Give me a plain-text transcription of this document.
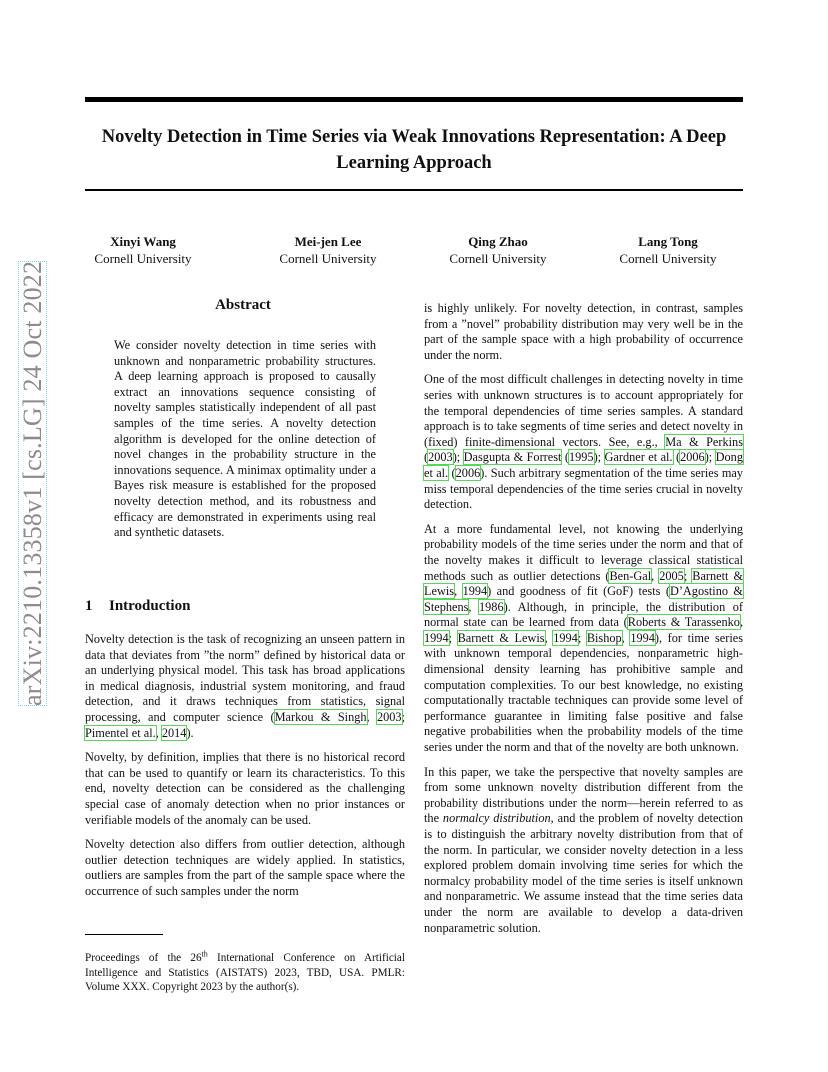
Novelty Detection in Time Series via Weak Innovations Representation: A Deep Learning Approach
arXiv:2210.13358v1 [cs.LG] 24 Oct 2022
Xinyi Wang
Cornell University
Mei-jen Lee
Cornell University
Qing Zhao
Cornell University
Lang Tong
Cornell University
Abstract
We consider novelty detection in time series with unknown and nonparametric probability structures. A deep learning approach is proposed to causally extract an innovations sequence consisting of novelty samples statistically independent of all past samples of the time series. A novelty detection algorithm is developed for the online detection of novel changes in the probability structure in the innovations sequence. A minimax optimality under a Bayes risk measure is established for the proposed novelty detection method, and its robustness and efficacy are demonstrated in experiments using real and synthetic datasets.
1 Introduction

Novelty detection is the task of recognizing an unseen pattern in data that deviates from ”the norm” defined by historical data or an underlying physical model. This task has broad applications in medical diagnosis, industrial system monitoring, and fraud detection, and it draws techniques from statistics, signal processing, and computer science (Markou & Singh, 2003; Pimentel et al., 2014).

Novelty, by definition, implies that there is no historical record that can be used to quantify or learn its characteristics. To this end, novelty detection can be considered as the challenging special case of anomaly detection when no prior instances or verifiable models of the anomaly can be used.

Novelty detection also differs from outlier detection, although outlier detection techniques are widely applied. In statistics, outliers are samples from the part of the sample space where the occurrence of such samples under the norm

Proceedings of the 26th International Conference on Artificial Intelligence and Statistics (AISTATS) 2023, TBD, USA. PMLR: Volume XXX. Copyright 2023 by the author(s).

is highly unlikely. For novelty detection, in contrast, samples from a ”novel” probability distribution may very well be in the part of the sample space with a high probability of occurrence under the norm.

One of the most difficult challenges in detecting novelty in time series with unknown structures is to account appropriately for the temporal dependencies of time series samples. A standard approach is to take segments of time series and detect novelty in (fixed) finite-dimensional vectors. See, e.g., Ma & Perkins (2003); Dasgupta & Forrest (1995); Gardner et al. (2006); Dong et al. (2006). Such arbitrary segmentation of the time series may miss temporal dependencies of the time series crucial in novelty detection.

At a more fundamental level, not knowing the underlying probability models of the time series under the norm and that of the novelty makes it difficult to leverage classical statistical methods such as outlier detections (Ben-Gal, 2005; Barnett & Lewis, 1994) and goodness of fit (GoF) tests (D’Agostino & Stephens, 1986). Although, in principle, the distribution of normal state can be learned from data (Roberts & Tarassenko, 1994; Barnett & Lewis, 1994; Bishop, 1994), for time series with unknown temporal dependencies, nonparametric high-dimensional density learning has prohibitive sample and computation complexities. To our best knowledge, no existing computationally tractable techniques can provide some level of performance guarantee in limiting false positive and false negative probabilities when the probability models of the time series under the norm and that of the novelty are both unknown.

In this paper, we take the perspective that novelty samples are from some unknown novelty distribution different from the probability distributions under the norm—herein referred to as the normalcy distribution, and the problem of novelty detection is to distinguish the arbitrary novelty distribution from that of the norm. In particular, we consider novelty detection in a less explored problem domain involving time series for which the normalcy probability model of the time series is itself unknown and nonparametric. We assume instead that the time series data under the norm are available to develop a data-driven nonparametric solution.
